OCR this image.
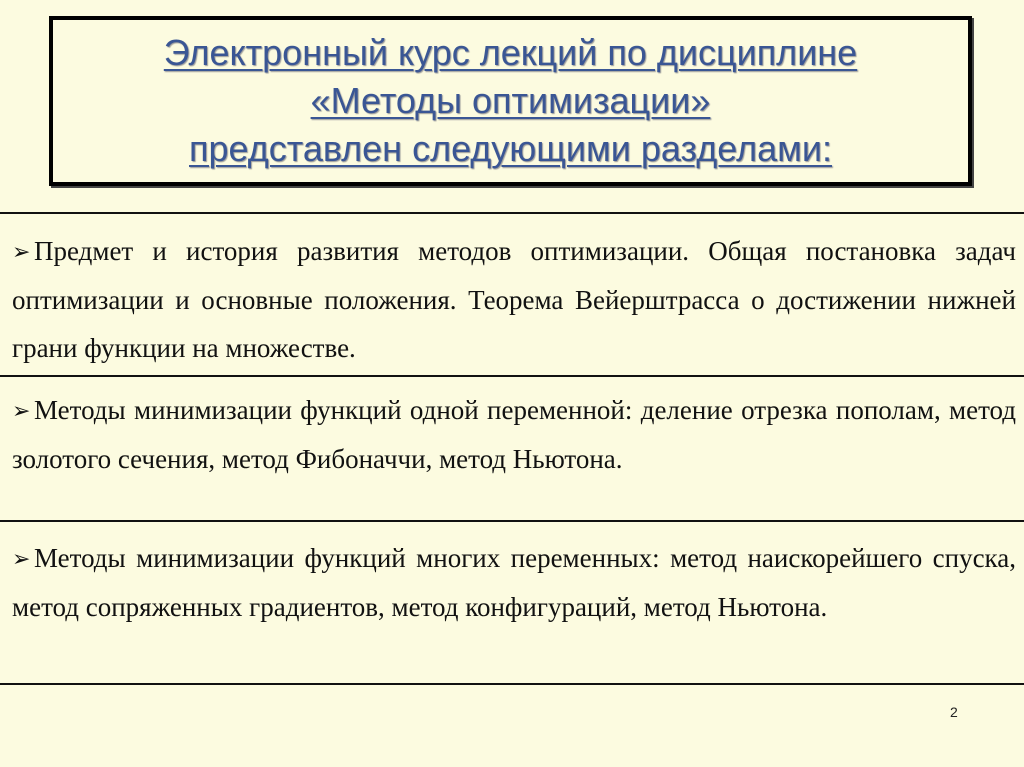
Электронный курс лекций по дисциплине
«Методы оптимизации»
представлен следующими разделами:
➢ Предмет и история развития методов оптимизации. Общая постановка задач оптимизации и основные положения. Теорема Вейерштрасса о достижении нижней грани функции на множестве.
➢ Методы минимизации функций одной переменной: деление отрезка пополам, метод золотого сечения, метод Фибоначчи, метод Ньютона.
➢ Методы минимизации функций многих переменных: метод наискорейшего спуска, метод сопряженных градиентов, метод конфигураций, метод Ньютона.
2
